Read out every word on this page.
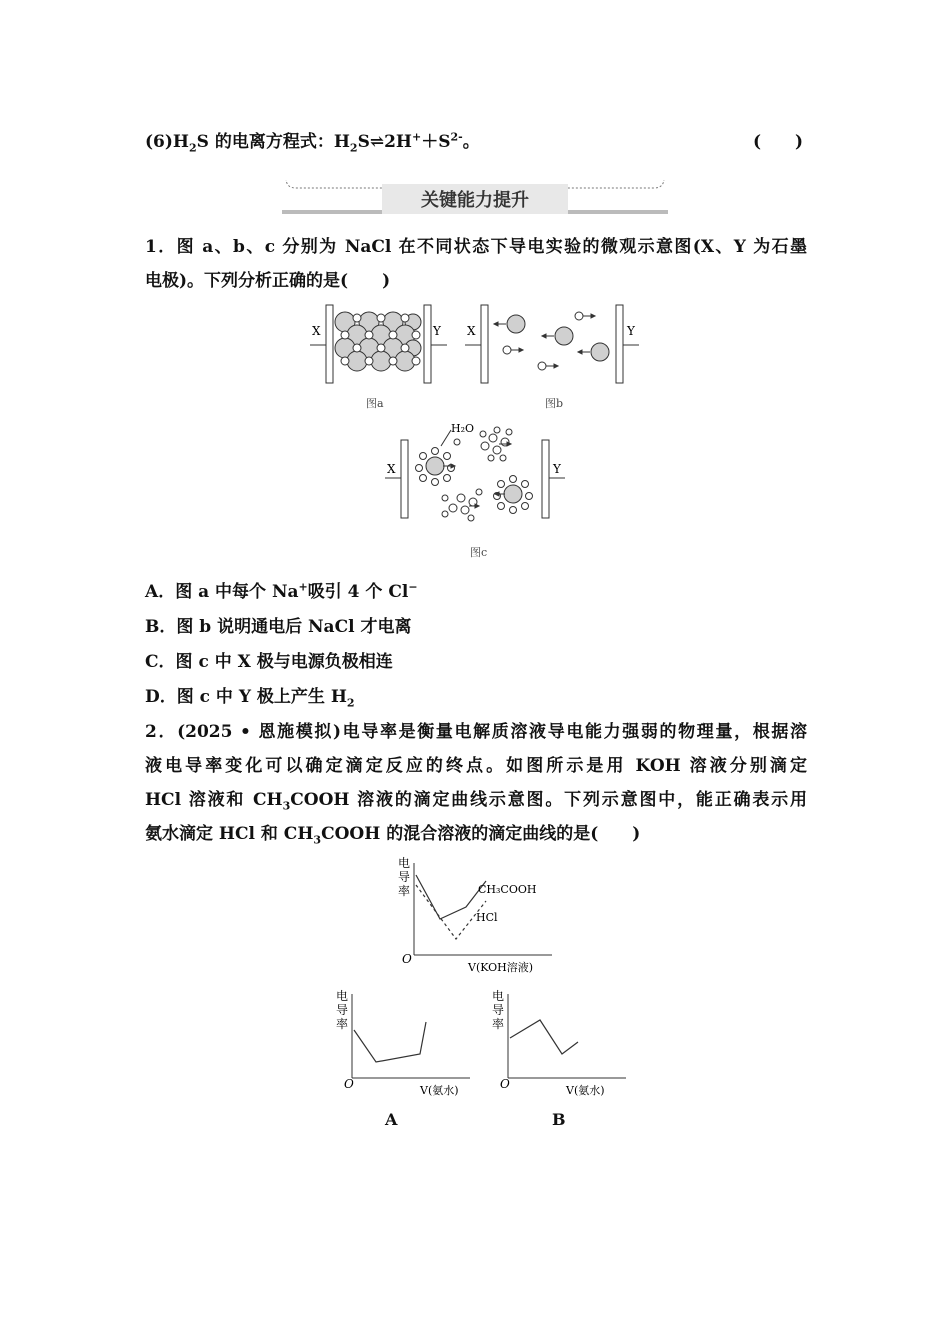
$(6)H_2S$ 的电离方程式：$H_2S\rightleftharpoons 2H^++S^{2-}$。	(　　)
关键能力提升
1．图 a、b、c 分别为 NaCl 在不同状态下导电实验的微观示意图(X、Y 为石墨
电极)。下列分析正确的是(　　)
X	Y X	Y
图a	图b
X	Y
H₂O
图c
A．图 a 中每个 Na+吸引 4 个 Cl−
B．图 b 说明通电后 NaCl 才电离
C．图 c 中 X 极与电源负极相连
D．图 c 中 Y 极上产生 $H_2$
2．(2025 • 恩施模拟)电导率是衡量电解质溶液导电能力强弱的物理量，根据溶
液电导率变化可以确定滴定反应的终点。如图所示是用 KOH 溶液分别滴定
HCl 溶液和 $CH_3COOH$ 溶液的滴定曲线示意图。下列示意图中，能正确表示用
氨水滴定 HCl 和 $CH_3COOH$ 的混合溶液的滴定曲线的是(　　)
电
导
率
O
V(KOH溶液)
CH₃COOH
HCl
电
导
率
O	V(氨水)
A
电
导
率
O	V(氨水)
B
